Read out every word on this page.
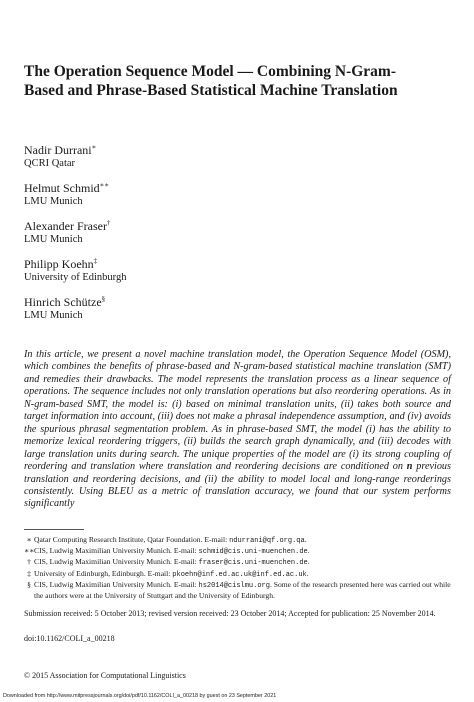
The Operation Sequence Model — Combining N-Gram-Based and Phrase-Based Statistical Machine Translation
Nadir Durrani∗
QCRI Qatar
Helmut Schmid∗∗
LMU Munich
Alexander Fraser†
LMU Munich
Philipp Koehn‡
University of Edinburgh
Hinrich Schütze§
LMU Munich

In this article, we present a novel machine translation model, the Operation Sequence Model (OSM), which combines the benefits of phrase-based and N-gram-based statistical machine translation (SMT) and remedies their drawbacks. The model represents the translation process as a linear sequence of operations. The sequence includes not only translation operations but also reordering operations. As in N-gram-based SMT, the model is: (i) based on minimal translation units, (ii) takes both source and target information into account, (iii) does not make a phrasal independence assumption, and (iv) avoids the spurious phrasal segmentation problem. As in phrase-based SMT, the model (i) has the ability to memorize lexical reordering triggers, (ii) builds the search graph dynamically, and (iii) decodes with large translation units during search. The unique properties of the model are (i) its strong coupling of reordering and translation where translation and reordering decisions are conditioned on n previous translation and reordering decisions, and (ii) the ability to model local and long-range reorderings consistently. Using BLEU as a metric of translation accuracy, we found that our system performs significantly

∗ Qatar Computing Research Institute, Qatar Foundation. E-mail: ndurrani@qf.org.qa.
∗∗ CIS, Ludwig Maximilian University Munich. E-mail: schmid@cis.uni-muenchen.de.
† CIS, Ludwig Maximilian University Munich. E-mail: fraser@cis.uni-muenchen.de.
‡ University of Edinburgh, Edinburgh. E-mail: pkoehn@inf.ed.ac.uk@inf.ed.ac.uk.
§ CIS, Ludwig Maximilian University Munich. E-mail: hs2014@cislmu.org. Some of the research presented here was carried out while the authors were at the University of Stuttgart and the University of Edinburgh.
Submission received: 5 October 2013; revised version received: 23 October 2014; Accepted for publication: 25 November 2014.
doi:10.1162/COLI_a_00218
© 2015 Association for Computational Linguistics
Downloaded from http://www.mitpressjournals.org/doi/pdf/10.1162/COLI_a_00218 by guest on 23 September 2021
